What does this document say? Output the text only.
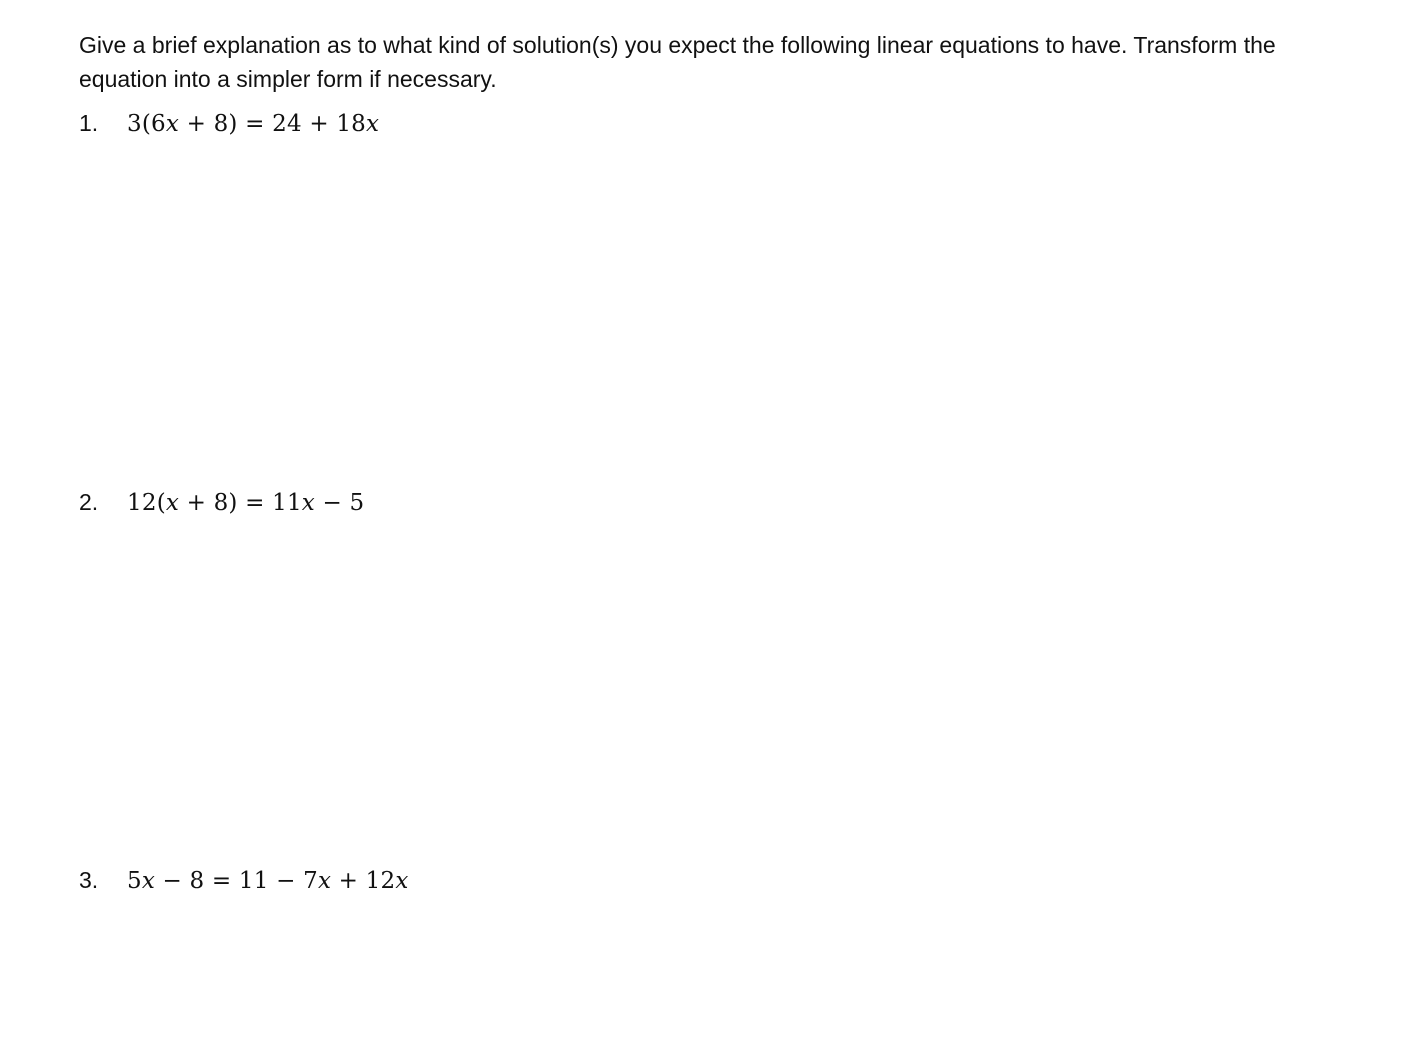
Give a brief explanation as to what kind of solution(s) you expect the following linear equations to have. Transform the
equation into a simpler form if necessary.

1.	3(6x + 8) = 24 + 18x
2.	12(x + 8) = 11x − 5
3.	5x − 8 = 11 − 7x + 12x
